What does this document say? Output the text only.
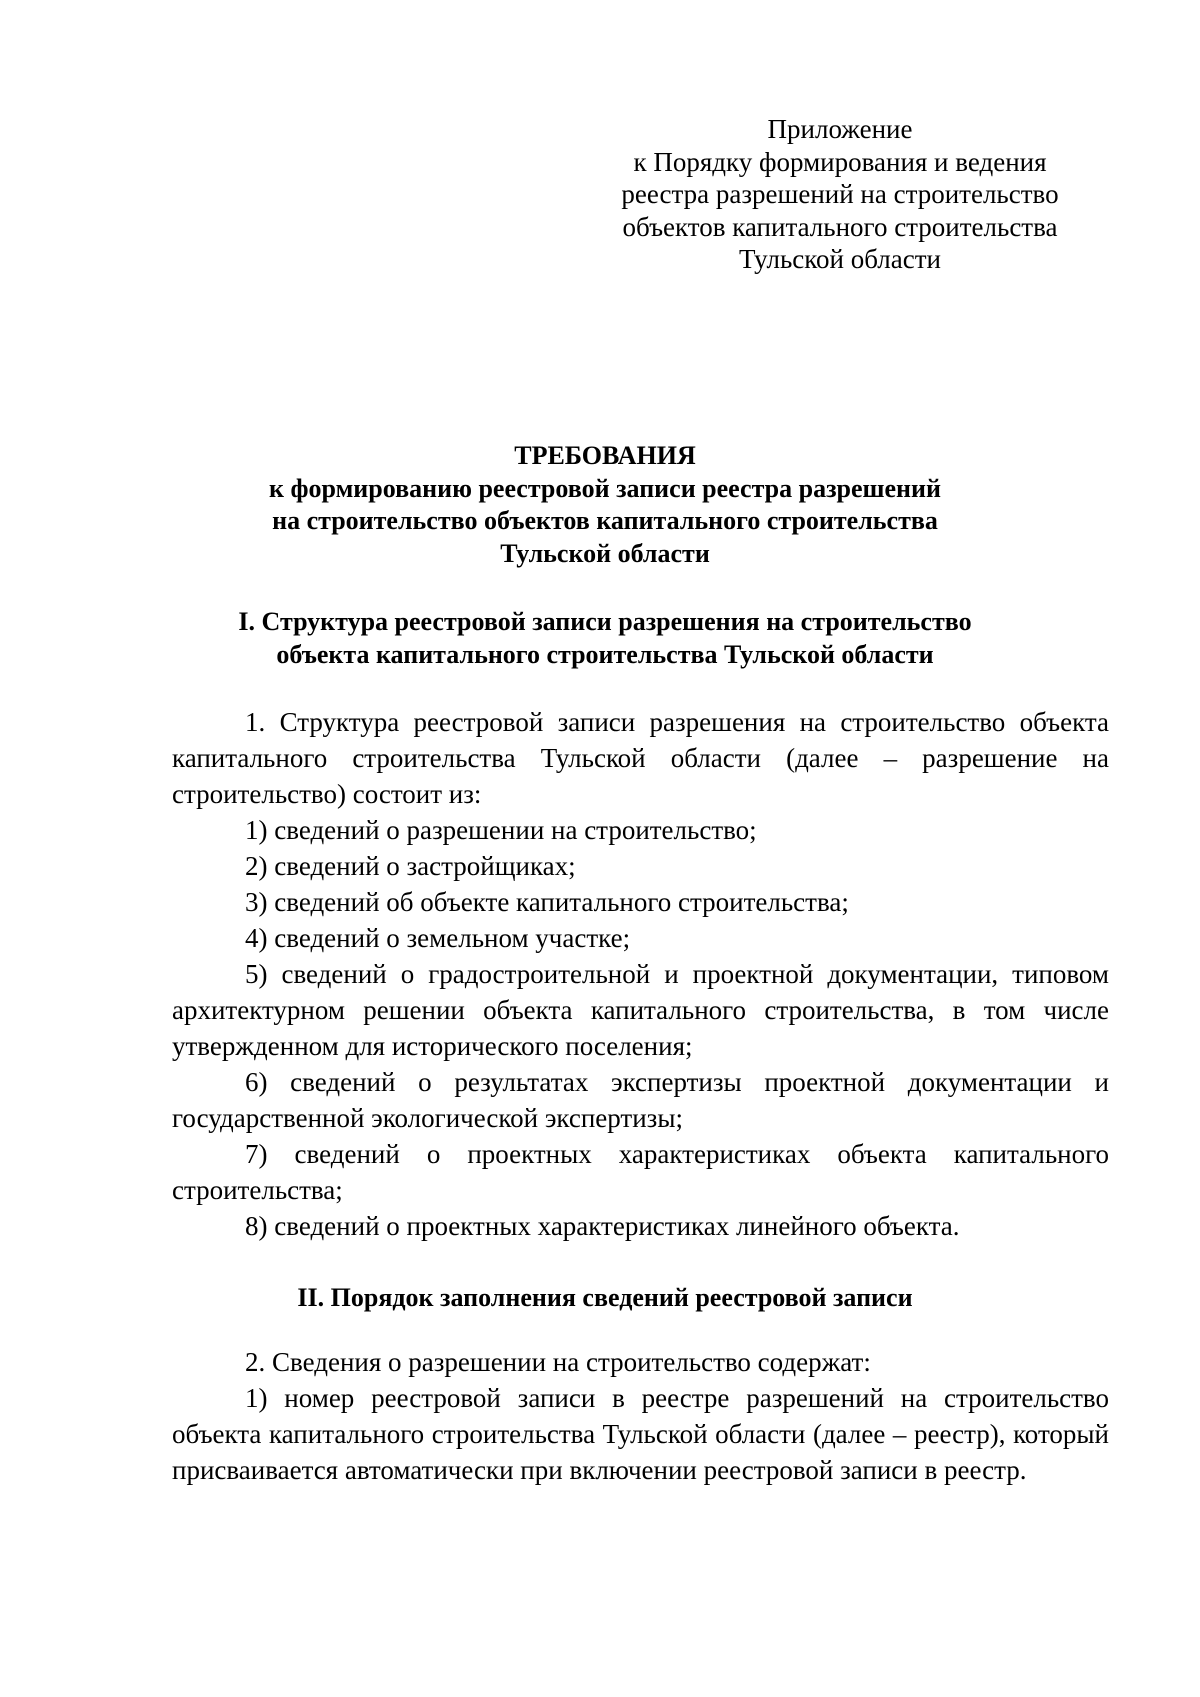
Приложение
к Порядку формирования и ведения
реестра разрешений на строительство
объектов капитального строительства
Тульской области
ТРЕБОВАНИЯ
к формированию реестровой записи реестра разрешений
на строительство объектов капитального строительства
Тульской области
I. Структура реестровой записи разрешения на строительство
объекта капитального строительства Тульской области

1. Структура реестровой записи разрешения на строительство объекта капитального строительства Тульской области (далее – разрешение на строительство) состоит из:

1) сведений о разрешении на строительство;

2) сведений о застройщиках;

3) сведений об объекте капитального строительства;

4) сведений о земельном участке;

5) сведений о градостроительной и проектной документации, типовом архитектурном решении объекта капитального строительства, в том числе утвержденном для исторического поселения;

6) сведений о результатах экспертизы проектной документации и государственной экологической экспертизы;

7) сведений о проектных характеристиках объекта капитального строительства;

8) сведений о проектных характеристиках линейного объекта.

II. Порядок заполнения сведений реестровой записи

2. Сведения о разрешении на строительство содержат:

1) номер реестровой записи в реестре разрешений на строительство объекта капитального строительства Тульской области (далее – реестр), который присваивается автоматически при включении реестровой записи в реестр.
